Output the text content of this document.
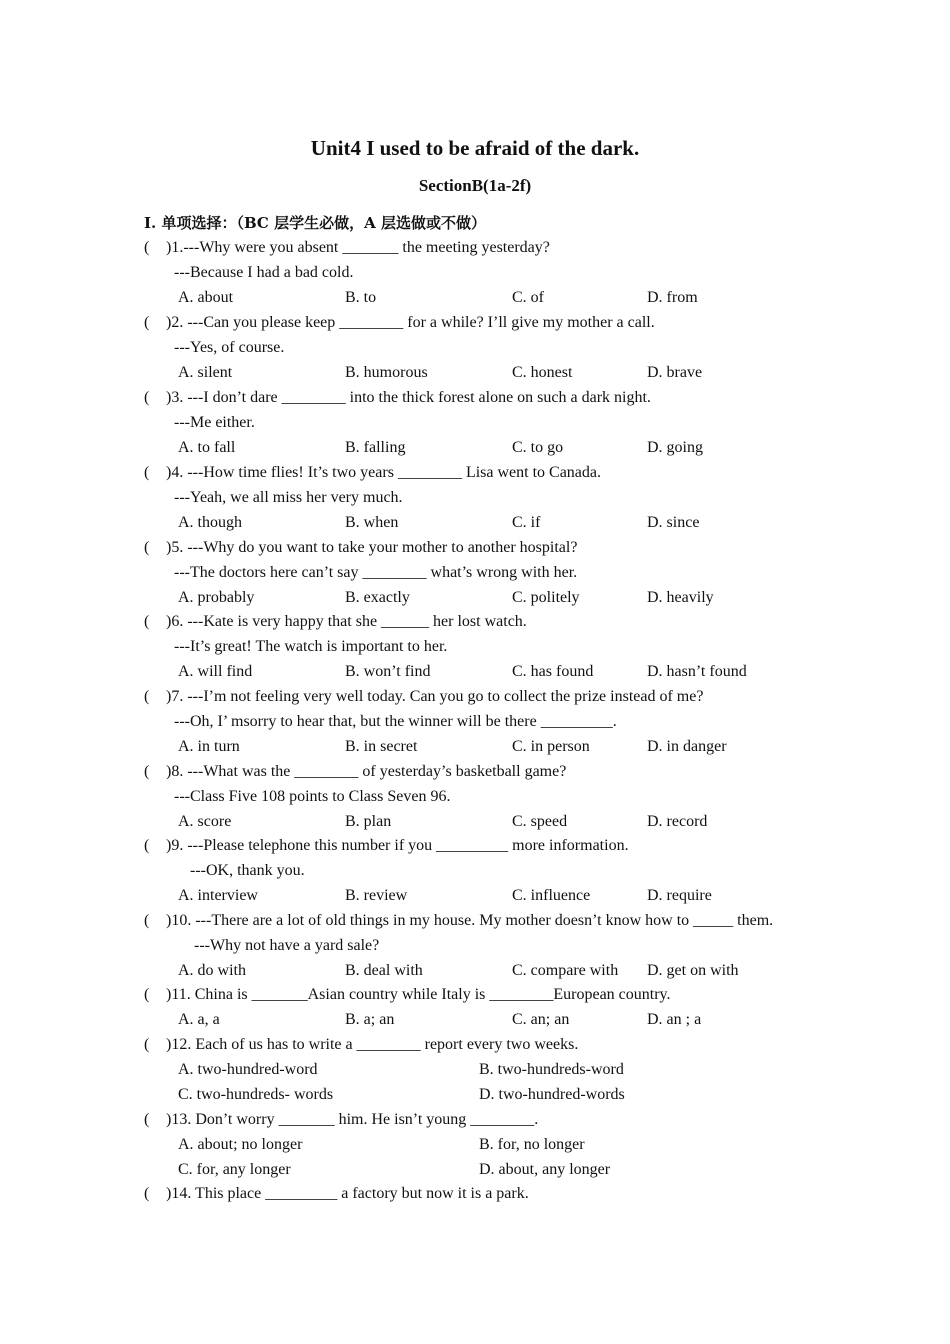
Unit4 I used to be afraid of the dark.
SectionB(1a-2f)
I. 单项选择：（BC 层学生必做，A 层选做或不做）
( )1.---Why were you absent _______ the meeting yesterday?
---Because I had a bad cold.
A. about	B. to	C. of	D. from
( )2. ---Can you please keep ________ for a while? I’ll give my mother a call.
---Yes, of course.
A. silent	B. humorous	C. honest	D. brave
( )3. ---I don’t dare ________ into the thick forest alone on such a dark night.
---Me either.
A. to fall	B. falling	C. to go	D. going
( )4. ---How time flies! It’s two years ________ Lisa went to Canada.
---Yeah, we all miss her very much.
A. though	B. when	C. if	D. since
( )5. ---Why do you want to take your mother to another hospital?
---The doctors here can’t say ________ what’s wrong with her.
A. probably	B. exactly	C. politely	D. heavily
( )6. ---Kate is very happy that she ______ her lost watch.
---It’s great! The watch is important to her.
A. will find	B. won’t find	C. has found	D. hasn’t found
( )7. ---I’m not feeling very well today. Can you go to collect the prize instead of me?
---Oh, I’ msorry to hear that, but the winner will be there _________.
A. in turn	B. in secret	C. in person	D. in danger
( )8. ---What was the ________ of yesterday’s basketball game?
---Class Five 108 points to Class Seven 96.
A. score	B. plan	C. speed	D. record
( )9. ---Please telephone this number if you _________ more information.
---OK, thank you.
A. interview	B. review	C. influence	D. require
( )10. ---There are a lot of old things in my house. My mother doesn’t know how to _____ them.
---Why not have a yard sale?
A. do with	B. deal with	C. compare with D. get on with
( )11. China is _______Asian country while Italy is ________European country.
A. a, a	B. a; an	C. an; an	D. an ; a
( )12. Each of us has to write a ________ report every two weeks.
A. two-hundred-word	B. two-hundreds-word
C. two-hundreds- words	D. two-hundred-words
( )13. Don’t worry _______ him. He isn’t young ________.
A. about; no longer	B. for, no longer
C. for, any longer	D. about, any longer
( )14. This place _________ a factory but now it is a park.
